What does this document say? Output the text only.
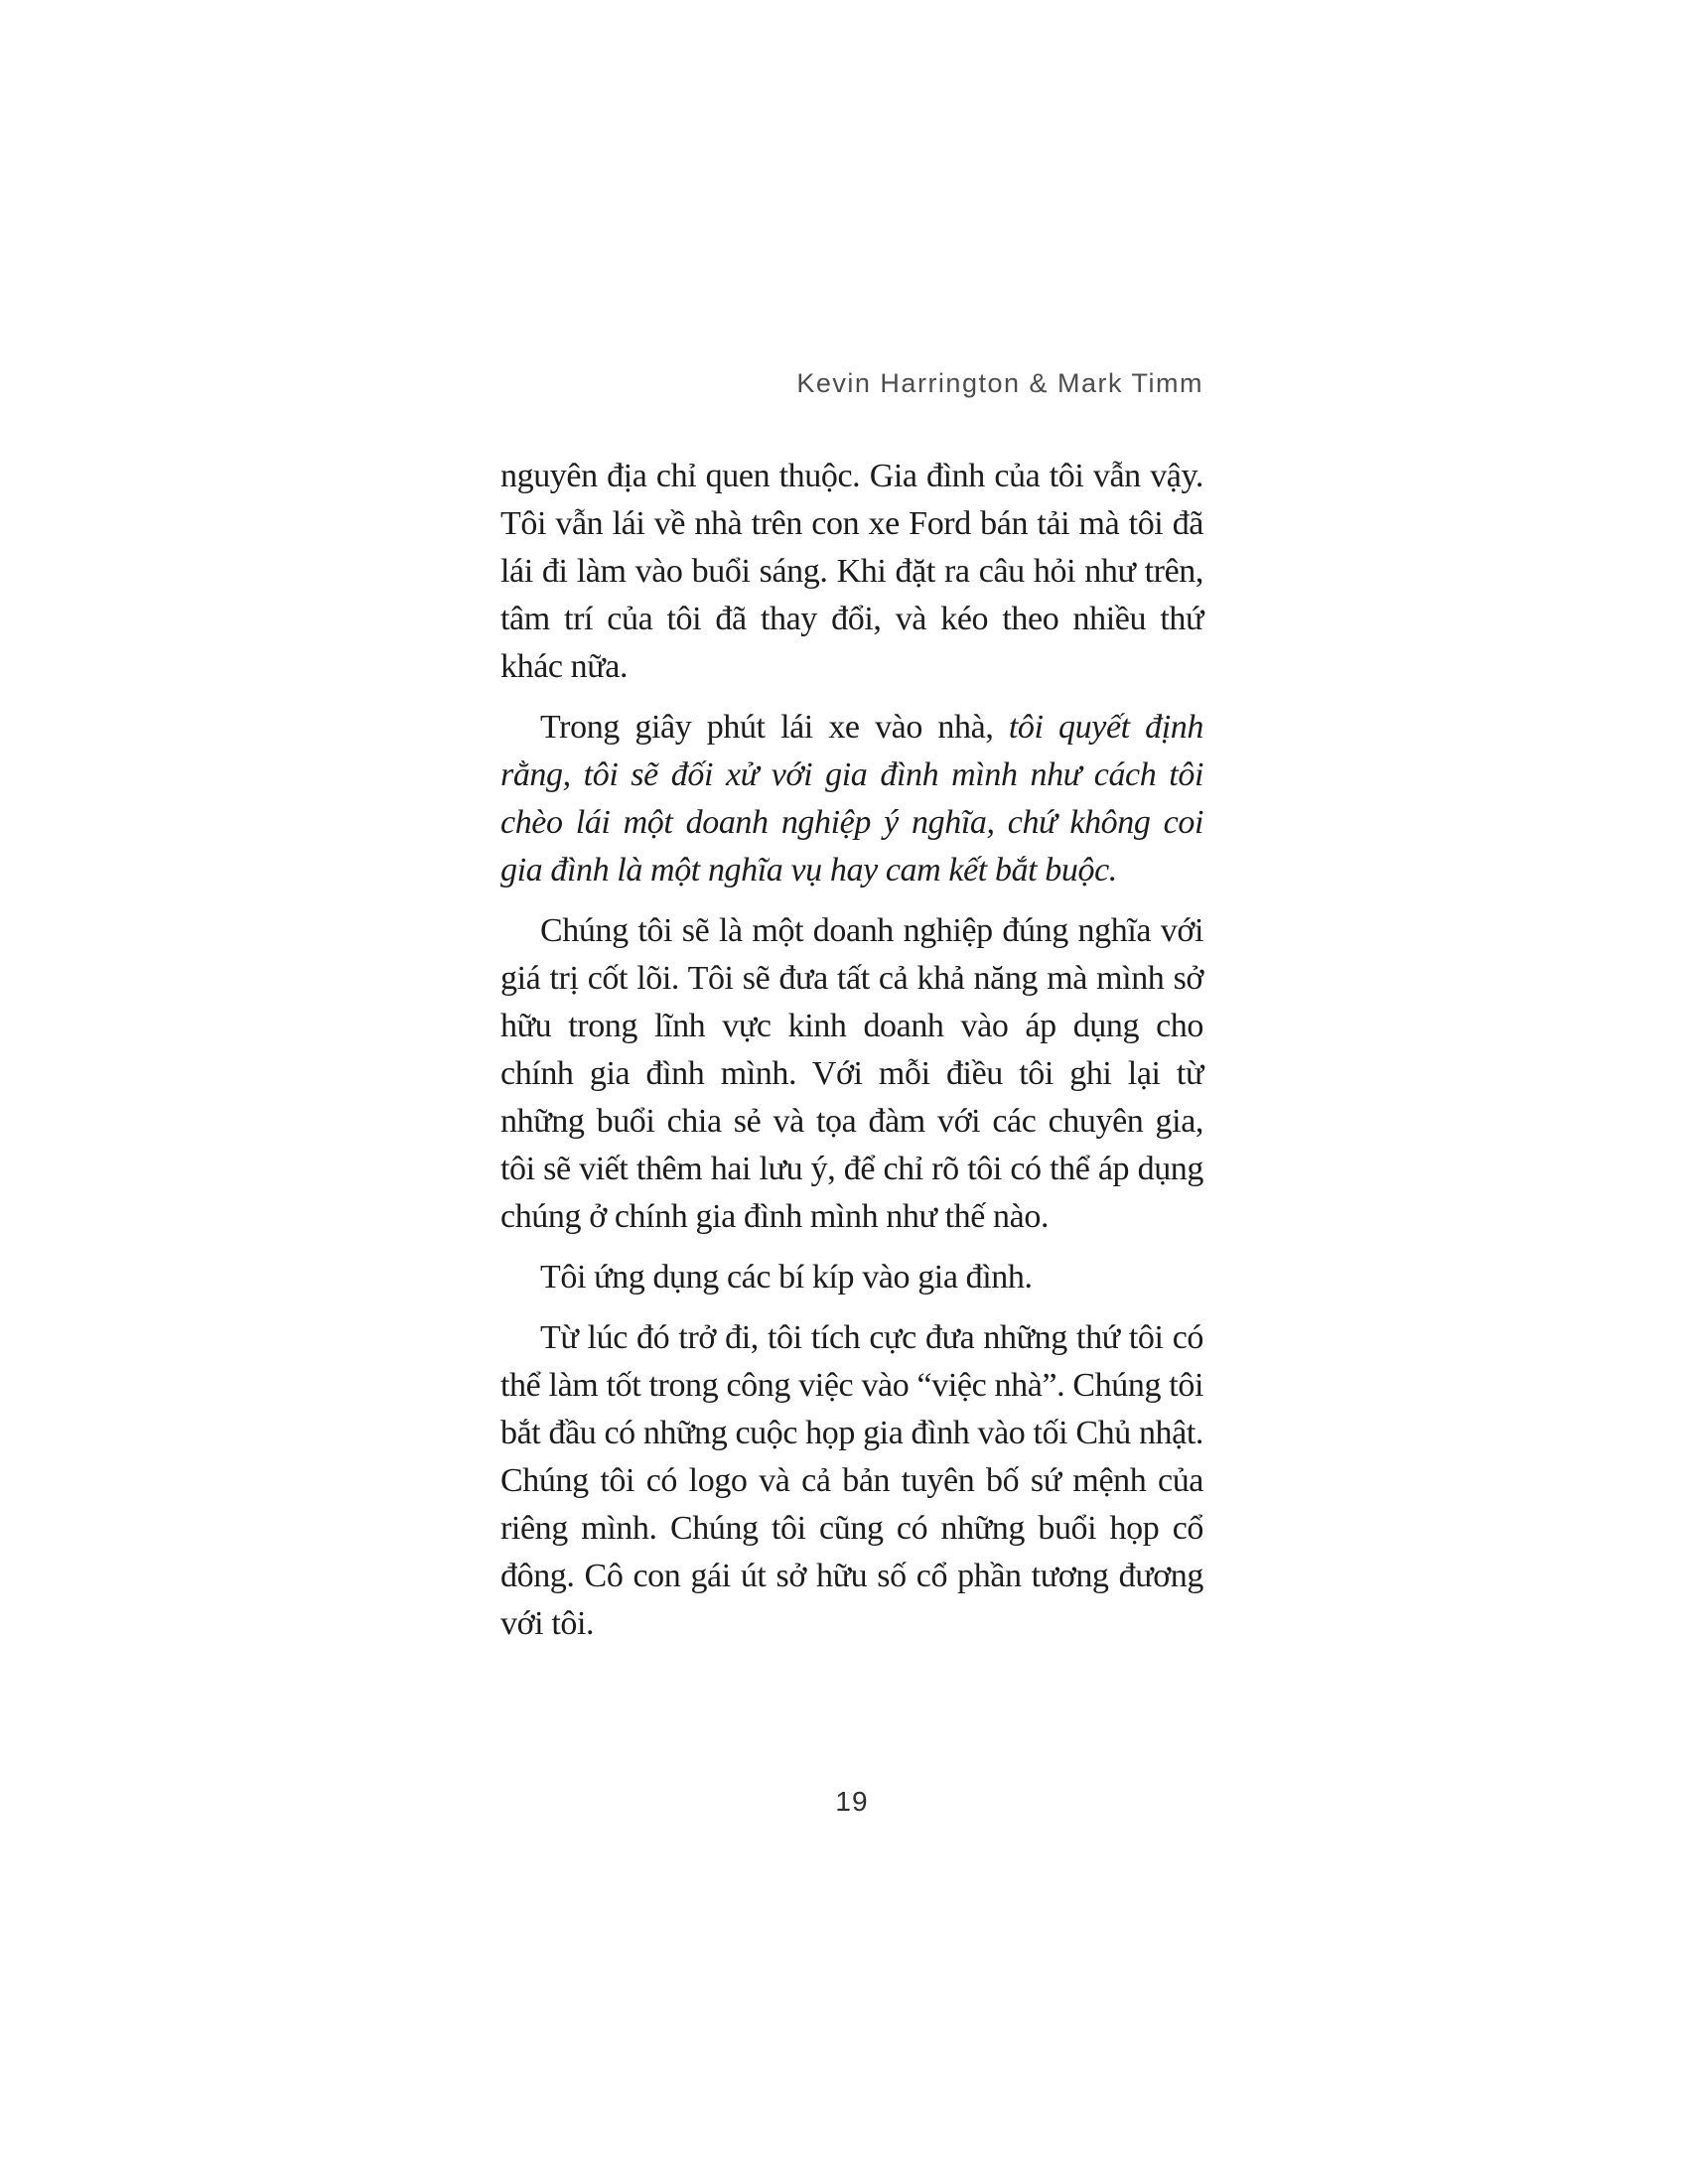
Kevin Harrington & Mark Timm

nguyên địa chỉ quen thuộc. Gia đình của tôi vẫn vậy. Tôi vẫn lái về nhà trên con xe Ford bán tải mà tôi đã lái đi làm vào buổi sáng. Khi đặt ra câu hỏi như trên, tâm trí của tôi đã thay đổi, và kéo theo nhiều thứ khác nữa.

Trong giây phút lái xe vào nhà, tôi quyết định rằng, tôi sẽ đối xử với gia đình mình như cách tôi chèo lái một doanh nghiệp ý nghĩa, chứ không coi gia đình là một nghĩa vụ hay cam kết bắt buộc.

Chúng tôi sẽ là một doanh nghiệp đúng nghĩa với giá trị cốt lõi. Tôi sẽ đưa tất cả khả năng mà mình sở hữu trong lĩnh vực kinh doanh vào áp dụng cho chính gia đình mình. Với mỗi điều tôi ghi lại từ những buổi chia sẻ và tọa đàm với các chuyên gia, tôi sẽ viết thêm hai lưu ý, để chỉ rõ tôi có thể áp dụng chúng ở chính gia đình mình như thế nào.

Tôi ứng dụng các bí kíp vào gia đình.

Từ lúc đó trở đi, tôi tích cực đưa những thứ tôi có thể làm tốt trong công việc vào “việc nhà”. Chúng tôi bắt đầu có những cuộc họp gia đình vào tối Chủ nhật. Chúng tôi có logo và cả bản tuyên bố sứ mệnh của riêng mình. Chúng tôi cũng có những buổi họp cổ đông. Cô con gái út sở hữu số cổ phần tương đương với tôi.

19
